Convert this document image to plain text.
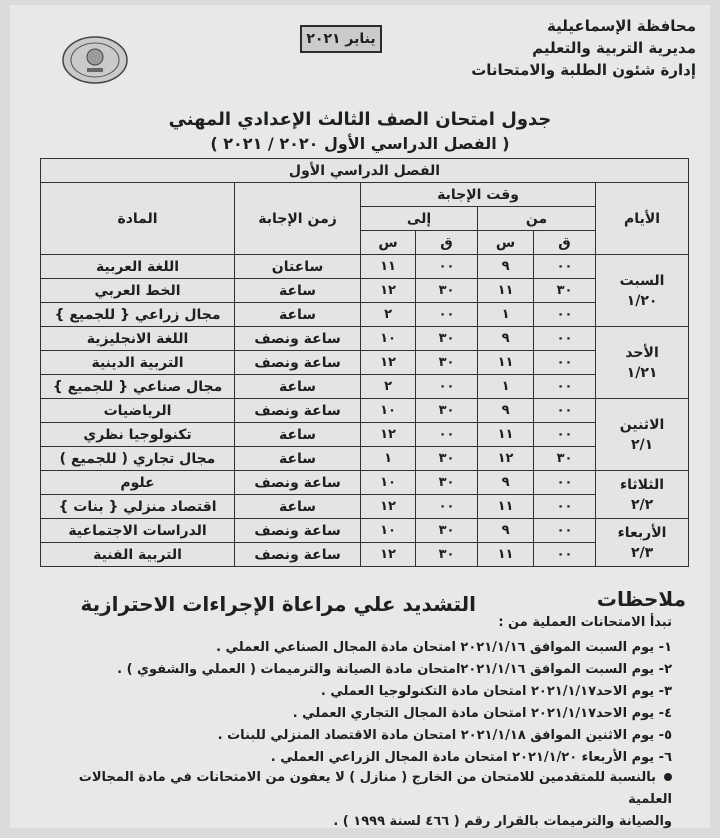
محافظة الإسماعيلية
مديرية التربية والتعليم
إدارة شئون الطلبة والامتحانات
يناير ٢٠٢١
جدول امتحان الصف الثالث الإعدادي المهني
( الفصل الدراسي الأول ٢٠٢٠ / ٢٠٢١ )
الفصل الدراسي الأول						
الأيام	وقت الإجابة				زمن الإجابة	المادة
	من		إلى			
	ق	س	ق	س		

السبت
١/٢٠	٠٠	٩	٠٠	١١	ساعتان	اللغة العربية
	٣٠	١١	٣٠	١٢	ساعة	الخط العربي
	٠٠	١	٠٠	٢	ساعة	مجال زراعي { للجميع }

الأحد
١/٢١	٠٠	٩	٣٠	١٠	ساعة ونصف	اللغة الانجليزية
	٠٠	١١	٣٠	١٢	ساعة ونصف	التربية الدينية
	٠٠	١	٠٠	٢	ساعة	مجال صناعي { للجميع }

الاثنين
٢/١	٠٠	٩	٣٠	١٠	ساعة ونصف	الرياضيات
	٠٠	١١	٠٠	١٢	ساعة	تكنولوجيا نظري
	٣٠	١٢	٣٠	١	ساعة	مجال تجاري ( للجميع )

الثلاثاء
٢/٢	٠٠	٩	٣٠	١٠	ساعة ونصف	علوم
	٠٠	١١	٠٠	١٢	ساعة	اقتصاد منزلي { بنات }

الأربعاء
٢/٣	٠٠	٩	٣٠	١٠	ساعة ونصف	الدراسات الاجتماعية
	٠٠	١١	٣٠	١٢	ساعة ونصف	التربية الفنية
ملاحظات
التشديد علي مراعاة الإجراءات الاحترازية
تبدأ الامتحانات العملية من :
١- يوم السبت الموافق ٢٠٢١/١/١٦ امتحان مادة المجال الصناعي العملي .
٢- يوم السبت الموافق ٢٠٢١/١/١٦امتحان مادة الصيانة والترميمات ( العملي والشفوي ) .
٣- يوم الاحد٢٠٢١/١/١٧ امتحان مادة التكنولوجيا العملي .
٤- يوم الاحد٢٠٢١/١/١٧ امتحان مادة المجال التجاري العملي .
٥- يوم الاثنين الموافق ٢٠٢١/١/١٨ امتحان مادة الاقتصاد المنزلي للبنات .
٦- يوم الأربعاء ٢٠٢١/١/٢٠ امتحان مادة المجال الزراعي العملي .
بالنسبة للمتقدمين للامتحان من الخارج ( منازل ) لا يعفون من الامتحانات في مادة المجالات العلمية
والصيانة والترميمات بالقرار رقم ( ٤٦٦ لسنة ١٩٩٩ ) .
